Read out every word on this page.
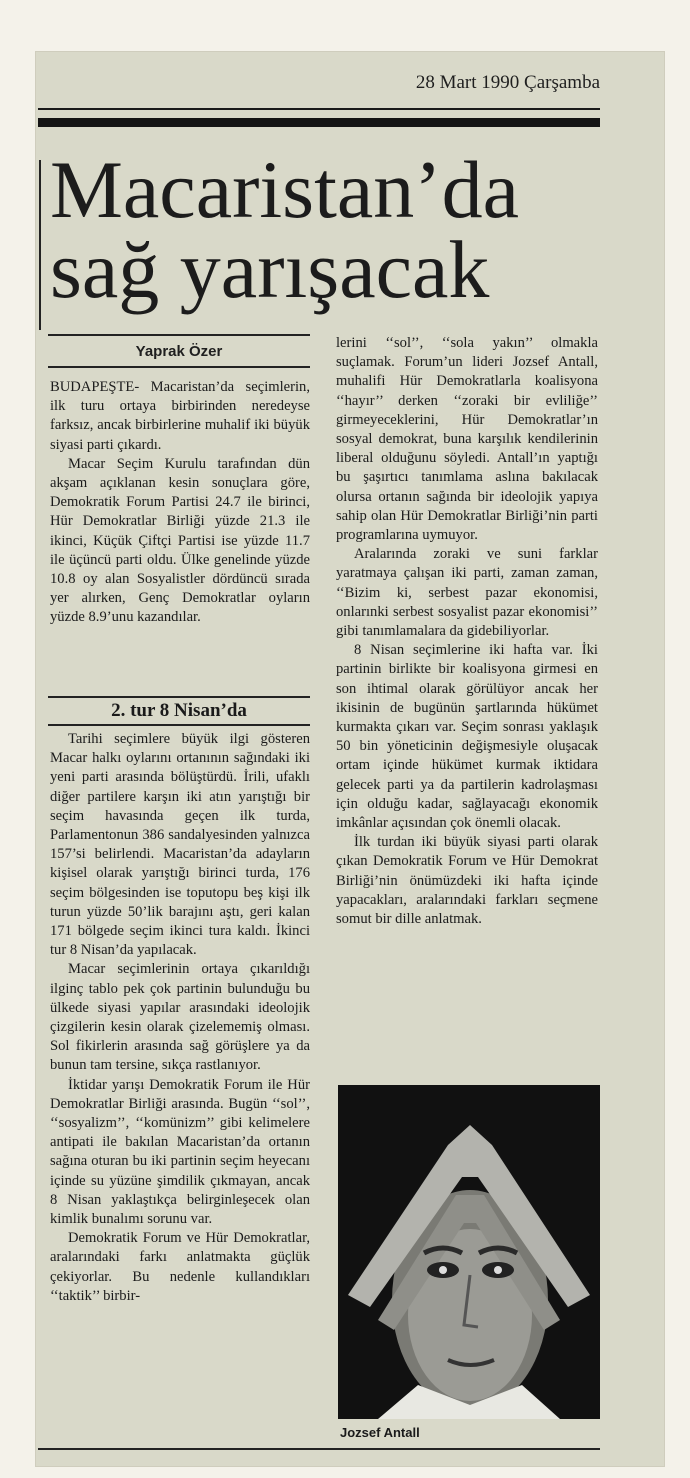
28 Mart 1990 Çarşamba
Macaristan’da
sağ yarışacak
Yaprak Özer

BUDAPEŞTE- Macaristan’da seçimlerin, ilk turu ortaya birbirinden neredeyse farksız, ancak birbirlerine muhalif iki büyük siyasi parti çıkardı.

Macar Seçim Kurulu tarafından dün akşam açıklanan kesin sonuçlara göre, Demokratik Forum Partisi 24.7 ile birinci, Hür Demokratlar Birliği yüzde 21.3 ile ikinci, Küçük Çiftçi Partisi ise yüzde 11.7 ile üçüncü parti oldu. Ülke genelinde yüzde 10.8 oy alan Sosyalistler dördüncü sırada yer alırken, Genç Demokratlar oyların yüzde 8.9’unu kazandılar.

2. tur 8 Nisan’da

Tarihi seçimlere büyük ilgi gösteren Macar halkı oylarını ortanının sağındaki iki yeni parti arasında bölüştürdü. İrili, ufaklı diğer partilere karşın iki atın yarıştığı bir seçim havasında geçen ilk turda, Parlamentonun 386 sandalyesinden yalnızca 157’si belirlendi. Macaristan’da adayların kişisel olarak yarıştığı birinci turda, 176 seçim bölgesinden ise toputopu beş kişi ilk turun yüzde 50’lik barajını aştı, geri kalan 171 bölgede seçim ikinci tura kaldı. İkinci tur 8 Nisan’da yapılacak.

Macar seçimlerinin ortaya çıkarıldığı ilginç tablo pek çok partinin bulunduğu bu ülkede siyasi yapılar arasındaki ideolojik çizgilerin kesin olarak çizelememiş olması. Sol fikirlerin arasında sağ görüşlere ya da bunun tam tersine, sıkça rastlanıyor.

İktidar yarışı Demokratik Forum ile Hür Demokratlar Birliği arasında. Bugün ‘‘sol’’, ‘‘sosyalizm’’, ‘‘komünizm’’ gibi kelimelere antipati ile bakılan Macaristan’da ortanın sağına oturan bu iki partinin seçim heyecanı içinde su yüzüne şimdilik çıkmayan, ancak 8 Nisan yaklaştıkça belirginleşecek olan kimlik bunalımı sorunu var.

Demokratik Forum ve Hür Demokratlar, aralarındaki farkı anlatmakta güçlük çekiyorlar. Bu nedenle kullandıkları ‘‘taktik’’ birbir-

lerini ‘‘sol’’, ‘‘sola yakın’’ olmakla suçlamak. Forum’un lideri Jozsef Antall, muhalifi Hür Demokratlarla koalisyona ‘‘hayır’’ derken ‘‘zoraki bir evliliğe’’ girmeyeceklerini, Hür Demokratlar’ın sosyal demokrat, buna karşılık kendilerinin liberal olduğunu söyledi. Antall’ın yaptığı bu şaşırtıcı tanımlama aslına bakılacak olursa ortanın sağında bir ideolojik yapıya sahip olan Hür Demokratlar Birliği’nin parti programlarına uymuyor.

Aralarında zoraki ve suni farklar yaratmaya çalışan iki parti, zaman zaman, ‘‘Bizim ki, serbest pazar ekonomisi, onlarınki serbest sosyalist pazar ekonomisi’’ gibi tanımlamalara da gidebiliyorlar.

8 Nisan seçimlerine iki hafta var. İki partinin birlikte bir koalisyona girmesi en son ihtimal olarak görülüyor ancak her ikisinin de bugünün şartlarında hükümet kurmakta çıkarı var. Seçim sonrası yaklaşık 50 bin yöneticinin değişmesiyle oluşacak ortam içinde hükümet kurmak iktidara gelecek parti ya da partilerin kadrolaşması için olduğu kadar, sağlayacağı ekonomik imkânlar açısından çok önemli olacak.

İlk turdan iki büyük siyasi parti olarak çıkan Demokratik Forum ve Hür Demokrat Birliği’nin önümüzdeki iki hafta içinde yapacakları, aralarındaki farkları seçmene somut bir dille anlatmak.

Jozsef Antall
